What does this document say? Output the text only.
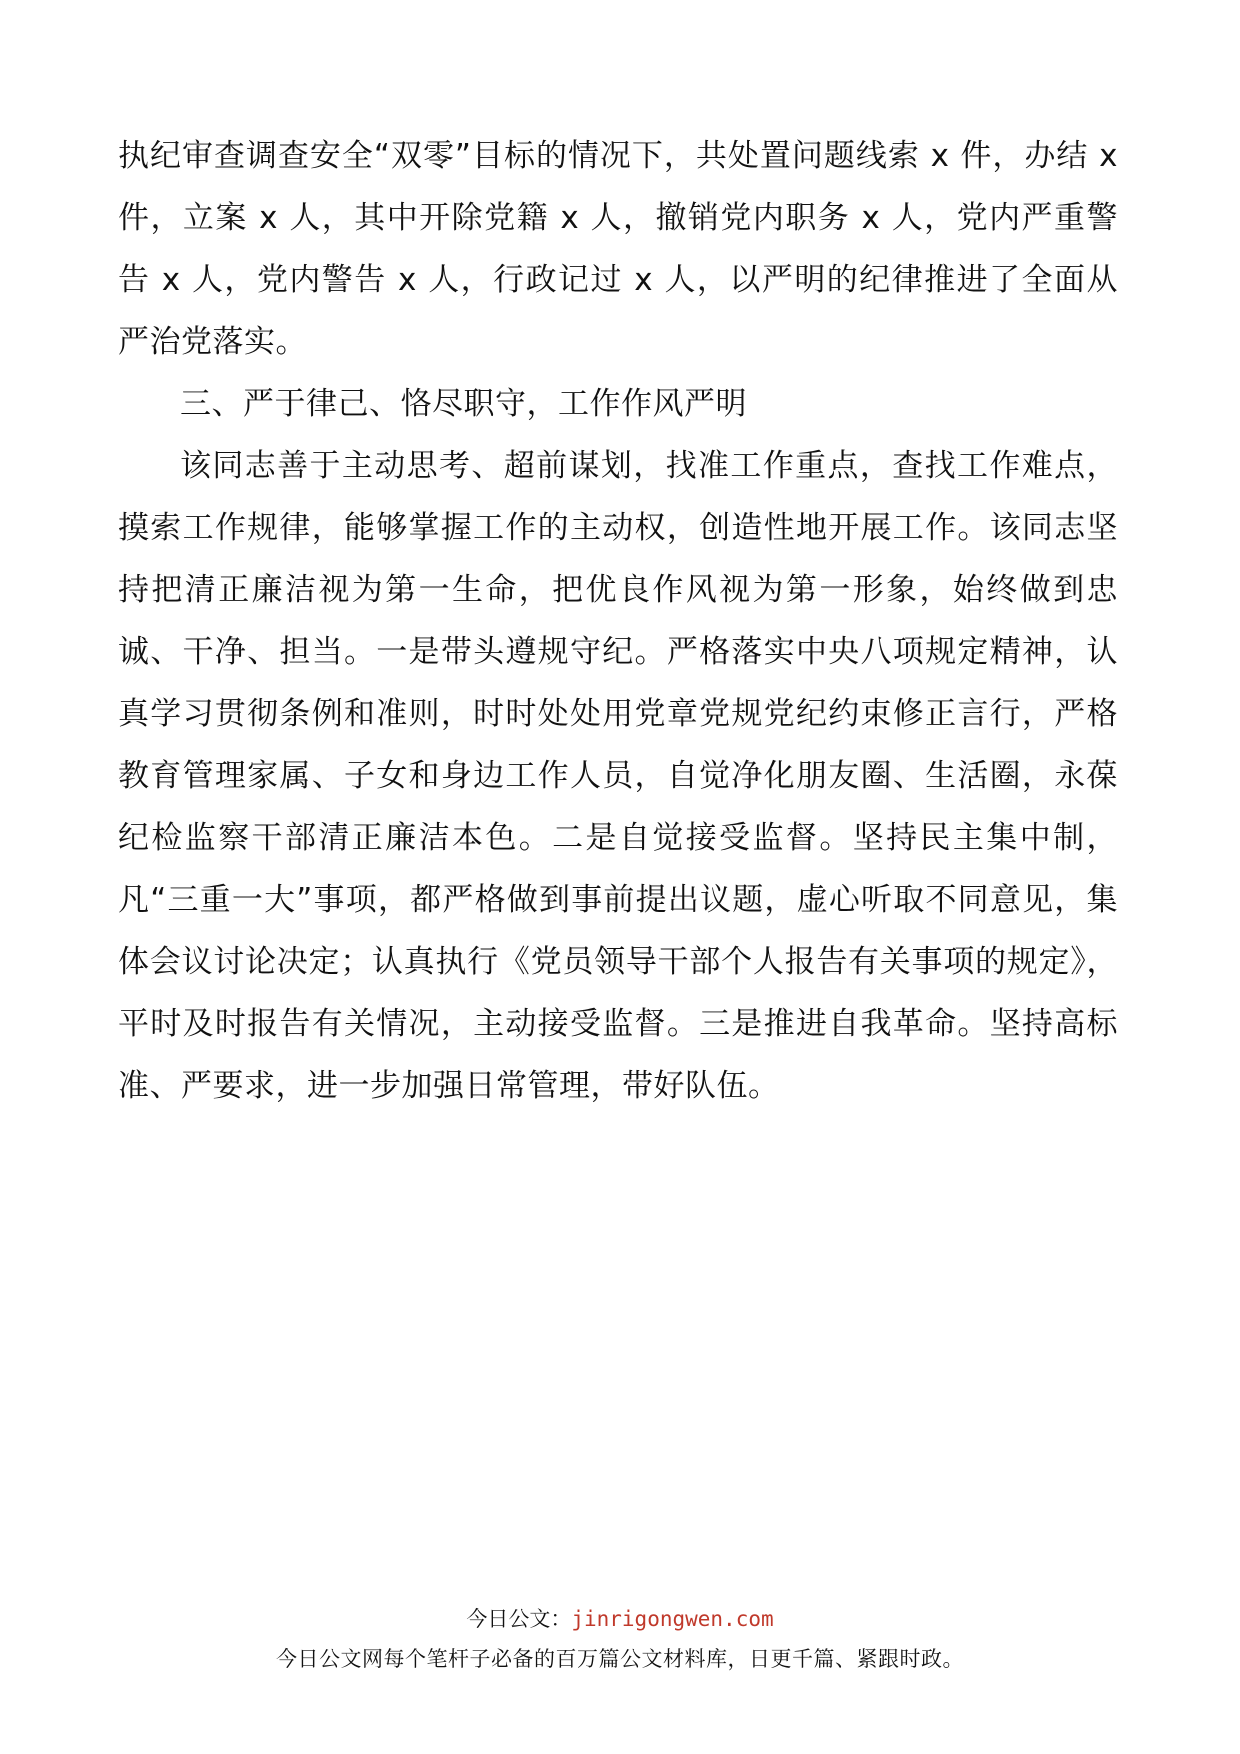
执纪审查调查安全“双零”目标的情况下，共处置问题线索 x 件，办结 x 件，立案 x 人，其中开除党籍 x 人，撤销党内职务 x 人，党内严重警告 x 人，党内警告 x 人，行政记过 x 人，以严明的纪律推进了全面从严治党落实。

三、严于律己、恪尽职守，工作作风严明

该同志善于主动思考、超前谋划，找准工作重点，查找工作难点，摸索工作规律，能够掌握工作的主动权，创造性地开展工作。该同志坚持把清正廉洁视为第一生命，把优良作风视为第一形象，始终做到忠诚、干净、担当。一是带头遵规守纪。严格落实中央八项规定精神，认真学习贯彻条例和准则，时时处处用党章党规党纪约束修正言行，严格教育管理家属、子女和身边工作人员，自觉净化朋友圈、生活圈，永葆纪检监察干部清正廉洁本色。二是自觉接受监督。坚持民主集中制，凡“三重一大”事项，都严格做到事前提出议题，虚心听取不同意见，集体会议讨论决定；认真执行《党员领导干部个人报告有关事项的规定》，平时及时报告有关情况，主动接受监督。三是推进自我革命。坚持高标准、严要求，进一步加强日常管理，带好队伍。

今日公文：jinrigongwen.com
今日公文网每个笔杆子必备的百万篇公文材料库，日更千篇、紧跟时政。
